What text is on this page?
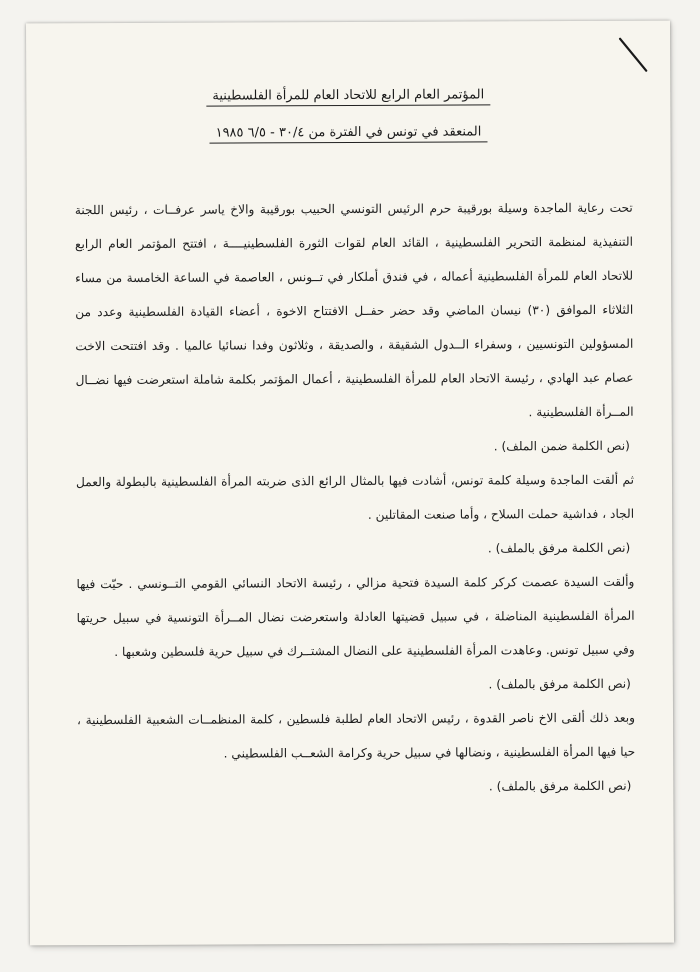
المؤتمر العام الرابع للاتحاد العام للمرأة الفلسطينية
المنعقد في تونس في الفترة من ٣٠/٤ - ٦/٥ ١٩٨٥

تحت رعاية الماجدة وسيلة بورقيبة حرم الرئيس التونسي الحبيب بورقيبة والاخ ياسر عرفــات ، رئيس اللجنة التنفيذية لمنظمة التحرير الفلسطينية ، القائد العام لقوات الثورة الفلسطينيــــة ، افتتح المؤتمر العام الرابع للاتحاد العام للمرأة الفلسطينية أعماله ، في فندق أملكار في تــونس ، العاصمة في الساعة الخامسة من مساء الثلاثاء الموافق (٣٠) نيسان الماضي وقد حضر حفــل الافتتاح الاخوة ، أعضاء القيادة الفلسطينية وعدد من المسؤولين التونسيين ، وسفراء الــدول الشقيقة ، والصديقة ، وثلاثون وفدا نسائيا عالميا . وقد افتتحت الاخت عصام عبد الهادي ، رئيسة الاتحاد العام للمرأة الفلسطينية ، أعمال المؤتمر بكلمة شاملة استعرضت فيها نضــال المــرأة الفلسطينية .

(نص الكلمة ضمن الملف) .

ثم ألقت الماجدة وسيلة كلمة تونس، أشادت فيها بالمثال الرائع الذى ضربته المرأة الفلسطينية بالبطولة والعمل الجاد ، فداشية حملت السلاح ، وأما صنعت المقاتلين .

(نص الكلمة مرفق بالملف) .

وألقت السيدة عصمت كركر كلمة السيدة فتحية مزالي ، رئيسة الاتحاد النسائي القومي التــونسي . حيّت فيها المرأة الفلسطينية المناضلة ، في سبيل قضيتها العادلة واستعرضت نضال المــرأة التونسية في سبيل حريتها وفي سبيل تونس. وعاهدت المرأة الفلسطينية على النضال المشتــرك في سبيل حرية فلسطين وشعبها .

(نص الكلمة مرفق بالملف) .

وبعد ذلك ألقى الاخ ناصر القدوة ، رئيس الاتحاد العام لطلبة فلسطين ، كلمة المنظمــات الشعبية الفلسطينية ، حيا فيها المرأة الفلسطينية ، ونضالها في سبيل حرية وكرامة الشعــب الفلسطيني .

(نص الكلمة مرفق بالملف) .
